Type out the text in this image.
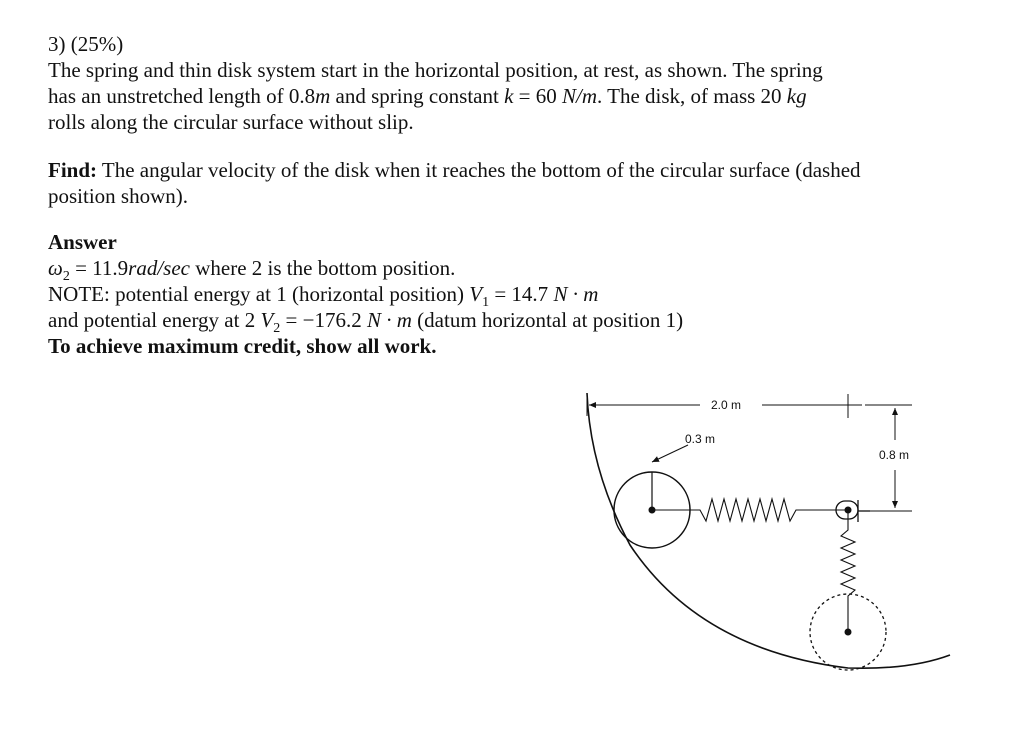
3) (25%)

The spring and thin disk system start in the horizontal position, at rest, as shown. The spring

has an unstretched length of 0.8m and spring constant k = 60 N/m. The disk, of mass 20 kg

rolls along the circular surface without slip.

Find: The angular velocity of the disk when it reaches the bottom of the circular surface (dashed

position shown).

Answer

$\omega_2 = 11.9rad/\sec$ where 2 is the bottom position.

NOTE: potential energy at 1 (horizontal position) $V_1 = 14.7$ N · m

and potential energy at 2 $V_2 = -176.2$ N · m (datum horizontal at position 1)

To achieve maximum credit, show all work.

2.0 m
0.8 m
0.3 m
